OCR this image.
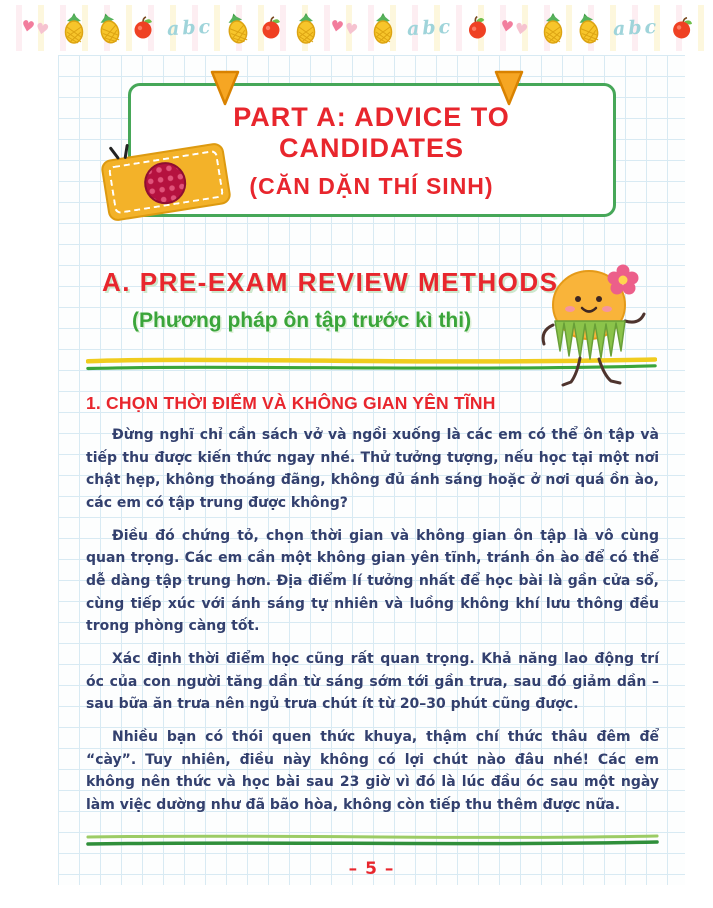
♥♥	abc	♥♥ abc	♥♥	abc
PART A: ADVICE TO CANDIDATES
(CĂN DẶN THÍ SINH)
A. PRE-EXAM REVIEW METHODS
(Phương pháp ôn tập trước kì thi)
1. CHỌN THỜI ĐIỂM VÀ KHÔNG GIAN YÊN TĨNH

Đừng nghĩ chỉ cần sách vở và ngồi xuống là các em có thể ôn tập và tiếp thu được kiến thức ngay nhé. Thử tưởng tượng, nếu học tại một nơi chật hẹp, không thoáng đãng, không đủ ánh sáng hoặc ở nơi quá ồn ào, các em có tập trung được không?

Điều đó chứng tỏ, chọn thời gian và không gian ôn tập là vô cùng quan trọng. Các em cần một không gian yên tĩnh, tránh ồn ào để có thể dễ dàng tập trung hơn. Địa điểm lí tưởng nhất để học bài là gần cửa sổ, cùng tiếp xúc với ánh sáng tự nhiên và luồng không khí lưu thông đều trong phòng càng tốt.

Xác định thời điểm học cũng rất quan trọng. Khả năng lao động trí óc của con người tăng dần từ sáng sớm tới gần trưa, sau đó giảm dần – sau bữa ăn trưa nên ngủ trưa chút ít từ 20–30 phút cũng được.

Nhiều bạn có thói quen thức khuya, thậm chí thức thâu đêm để “cày”. Tuy nhiên, điều này không có lợi chút nào đâu nhé! Các em không nên thức và học bài sau 23 giờ vì đó là lúc đầu óc sau một ngày làm việc dường như đã bão hòa, không còn tiếp thu thêm được nữa.

– 5 –
